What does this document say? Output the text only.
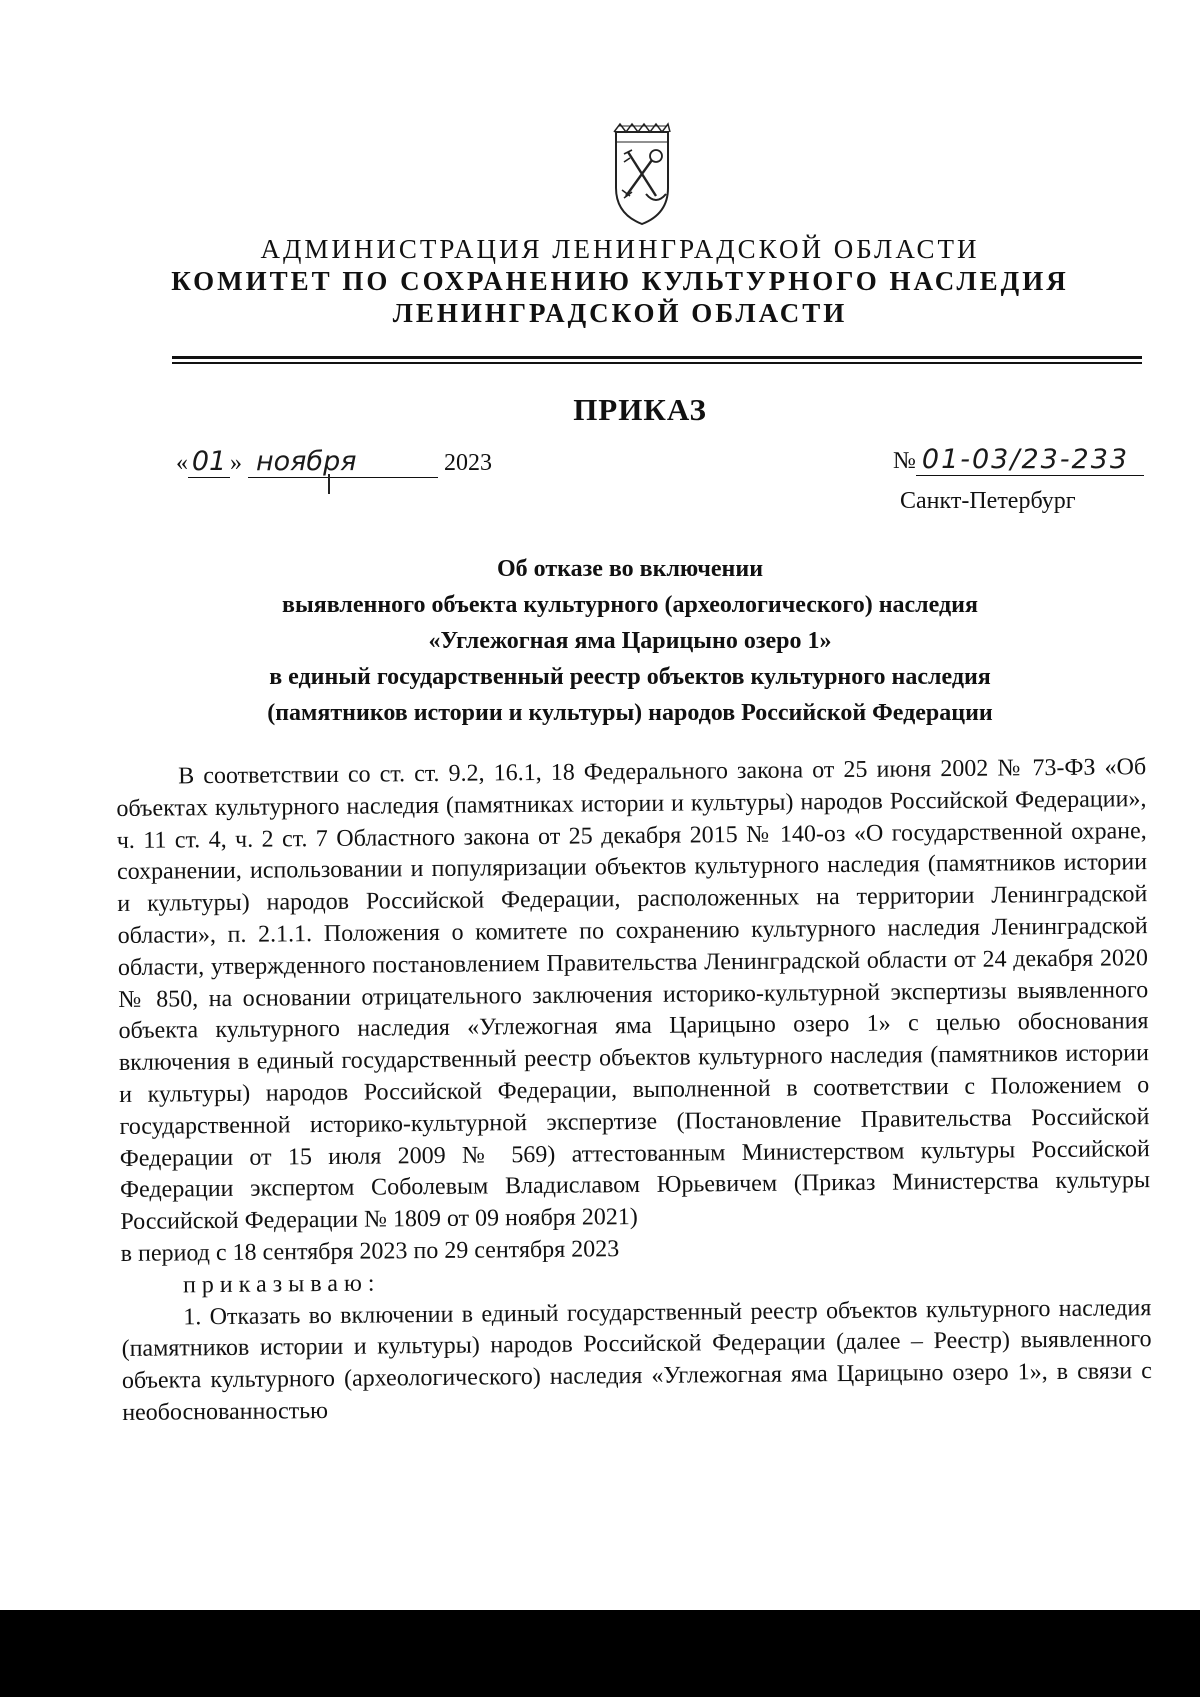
АДМИНИСТРАЦИЯ ЛЕНИНГРАДСКОЙ ОБЛАСТИ
КОМИТЕТ ПО СОХРАНЕНИЮ КУЛЬТУРНОГО НАСЛЕДИЯ
ЛЕНИНГРАДСКОЙ ОБЛАСТИ
ПРИКАЗ
« 01 » ноября	2023	№ 01-03/23-233
Санкт-Петербург
Об отказе во включении
выявленного объекта культурного (археологического) наследия
«Углежогная яма Царицыно озеро 1»
в единый государственный реестр объектов культурного наследия
(памятников истории и культуры) народов Российской Федерации

В соответствии со ст. ст. 9.2, 16.1, 18 Федерального закона от 25 июня 2002 № 73-ФЗ «Об объектах культурного наследия (памятниках истории и культуры) народов Российской Федерации», ч. 11 ст. 4, ч. 2 ст. 7 Областного закона от 25 декабря 2015 № 140-оз «О государственной охране, сохранении, использовании и популяризации объектов культурного наследия (памятников истории и культуры) народов Российской Федерации, расположенных на территории Ленинградской области», п. 2.1.1. Положения о комитете по сохранению культурного наследия Ленинградской области, утвержденного постановлением Правительства Ленинградской области от 24 декабря 2020 № 850, на основании отрицательного заключения историко-культурной экспертизы выявленного объекта культурного наследия «Углежогная яма Царицыно озеро 1» с целью обоснования включения в единый государственный реестр объектов культурного наследия (памятников истории и культуры) народов Российской Федерации, выполненной в соответствии с Положением о государственной историко-культурной экспертизе (Постановление Правительства Российской Федерации от 15 июля 2009 № 569) аттестованным Министерством культуры Российской Федерации экспертом Соболевым Владиславом Юрьевичем (Приказ Министерства культуры Российской Федерации № 1809 от 09 ноября 2021)

в период с 18 сентября 2023 по 29 сентября 2023

приказываю:

1. Отказать во включении в единый государственный реестр объектов культурного наследия (памятников истории и культуры) народов Российской Федерации (далее – Реестр) выявленного объекта культурного (археологического) наследия «Углежогная яма Царицыно озеро 1», в связи с необоснованностью
